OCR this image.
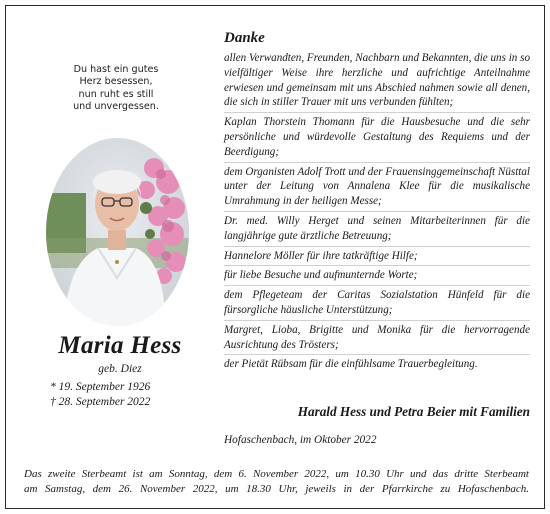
Du hast ein gutes
Herz besessen,
nun ruht es still
und unvergessen.
Maria Hess
geb. Diez
* 19. September 1926
† 28. September 2022
Danke
allen Verwandten, Freunden, Nachbarn und Bekannten, die uns in so vielfältiger Weise ihre herzliche und aufrichtige Anteilnahme erwiesen und gemeinsam mit uns Abschied nahmen sowie all denen, die sich in stiller Trauer mit uns verbunden fühlten;
Kaplan Thorstein Thomann für die Hausbesuche und die sehr persönliche und würdevolle Gestaltung des Requiems und der Beerdigung;
dem Organisten Adolf Trott und der Frauensinggemeinschaft Nüsttal unter der Leitung von Annalena Klee für die musikalische Umrahmung in der heiligen Messe;
Dr. med. Willy Herget und seinen Mitarbeiterinnen für die langjährige gute ärztliche Betreuung;
Hannelore Möller für ihre tatkräftige Hilfe;
für liebe Besuche und aufmunternde Worte;
dem Pflegeteam der Caritas Sozialstation Hünfeld für die fürsorgliche häusliche Unterstützung;
Margret, Lioba, Brigitte und Monika für die hervorragende Ausrichtung des Trösters;
der Pietät Rübsam für die einfühlsame Trauerbegleitung.
Harald Hess und Petra Beier mit Familien
Hofaschenbach, im Oktober 2022
Das zweite Sterbeamt ist am Sonntag, dem 6. November 2022, um 10.30 Uhr und das dritte Sterbeamt
am Samstag, dem 26. November 2022, um 18.30 Uhr, jeweils in der Pfarrkirche zu Hofaschenbach.
